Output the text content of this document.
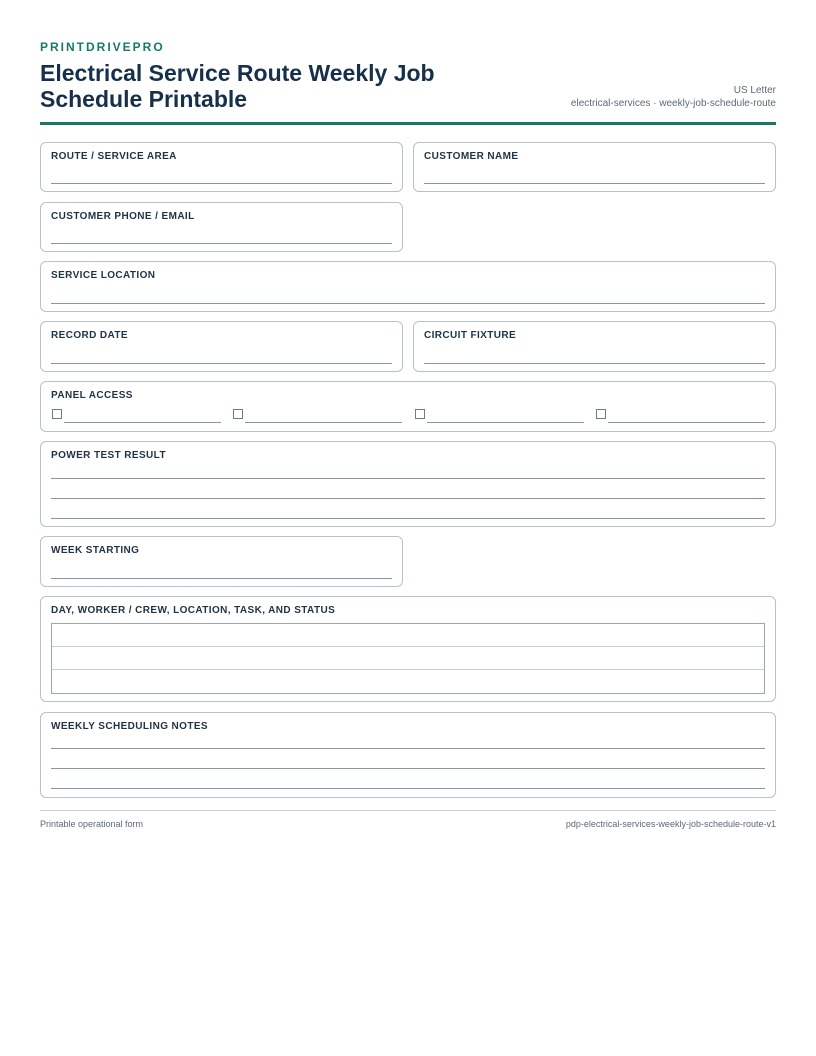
PRINTDRIVEPRO
Electrical Service Route Weekly Job Schedule Printable	US Letter
electrical-services · weekly-job-schedule-route
ROUTE / SERVICE AREA	CUSTOMER NAME
CUSTOMER PHONE / EMAIL
SERVICE LOCATION
RECORD DATE	CIRCUIT FIXTURE
PANEL ACCESS
POWER TEST RESULT
WEEK STARTING
DAY, WORKER / CREW, LOCATION, TASK, AND STATUS
WEEKLY SCHEDULING NOTES
Printable operational form	pdp-electrical-services-weekly-job-schedule-route-v1
